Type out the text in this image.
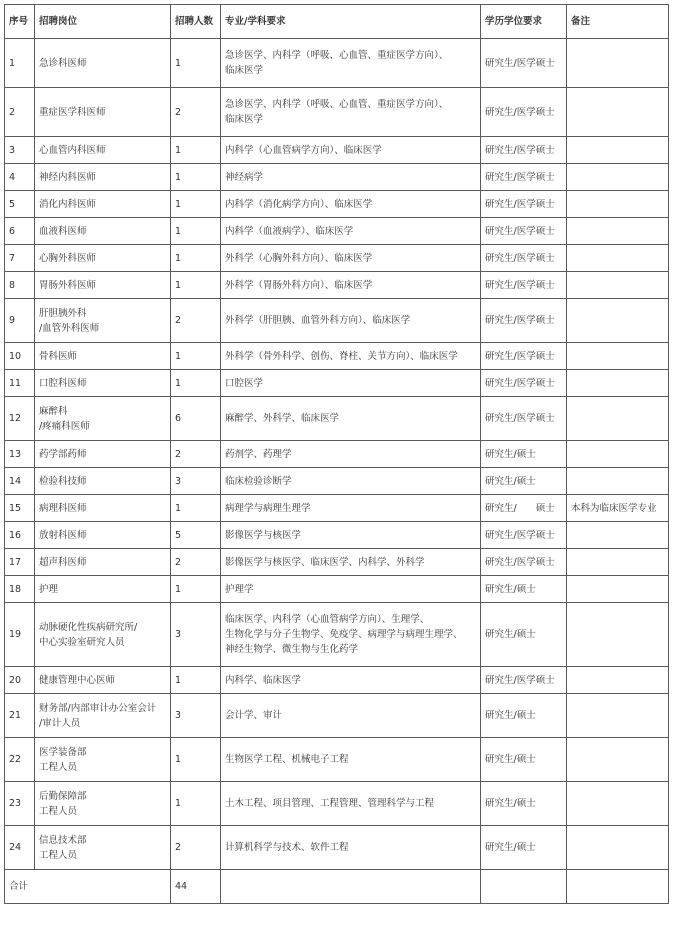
序号	招聘岗位	招聘人数	专业/学科要求	学历学位要求	备注
1	急诊科医师	1	急诊医学、内科学（呼吸、心血管、重症医学方向）、
临床医学	研究生/医学硕士	
2	重症医学科医师	2	急诊医学、内科学（呼吸、心血管、重症医学方向）、
临床医学	研究生/医学硕士	
3	心血管内科医师	1	内科学（心血管病学方向）、临床医学	研究生/医学硕士	
4	神经内科医师	1	神经病学	研究生/医学硕士	
5	消化内科医师	1	内科学（消化病学方向）、临床医学	研究生/医学硕士	
6	血液科医师	1	内科学（血液病学）、临床医学	研究生/医学硕士	
7	心胸外科医师	1	外科学（心胸外科方向）、临床医学	研究生/医学硕士	
8	胃肠外科医师	1	外科学（胃肠外科方向）、临床医学	研究生/医学硕士	
9	肝胆胰外科
/血管外科医师	2	外科学（肝胆胰、血管外科方向）、临床医学	研究生/医学硕士	
10	骨科医师	1	外科学（骨外科学、创伤、脊柱、关节方向）、临床医学	研究生/医学硕士	
11	口腔科医师	1	口腔医学	研究生/医学硕士	
12	麻醉科
/疼痛科医师	6	麻醉学、外科学、临床医学	研究生/医学硕士	
13	药学部药师	2	药剂学、药理学	研究生/硕士	
14	检验科技师	3	临床检验诊断学	研究生/硕士	
15	病理科医师	1	病理学与病理生理学	研究生/　　硕士	本科为临床医学专业
16	放射科医师	5	影像医学与核医学	研究生/医学硕士	
17	超声科医师	2	影像医学与核医学、临床医学、内科学、外科学	研究生/医学硕士	
18	护理	1	护理学	研究生/硕士	
19	动脉硬化性疾病研究所/
中心实验室研究人员	3	临床医学、内科学（心血管病学方向）、生理学、
生物化学与分子生物学、免疫学、病理学与病理生理学、
神经生物学、微生物与生化药学	研究生/硕士	
20	健康管理中心医师	1	内科学、临床医学	研究生/医学硕士	
21	财务部/内部审计办公室会计
/审计人员	3	会计学、审计	研究生/硕士	
22	医学装备部
工程人员	1	生物医学工程、机械电子工程	研究生/硕士	
23	后勤保障部
工程人员	1	土木工程、项目管理、工程管理、管理科学与工程	研究生/硕士	
24	信息技术部
工程人员	2	计算机科学与技术、软件工程	研究生/硕士	
合计		44			
